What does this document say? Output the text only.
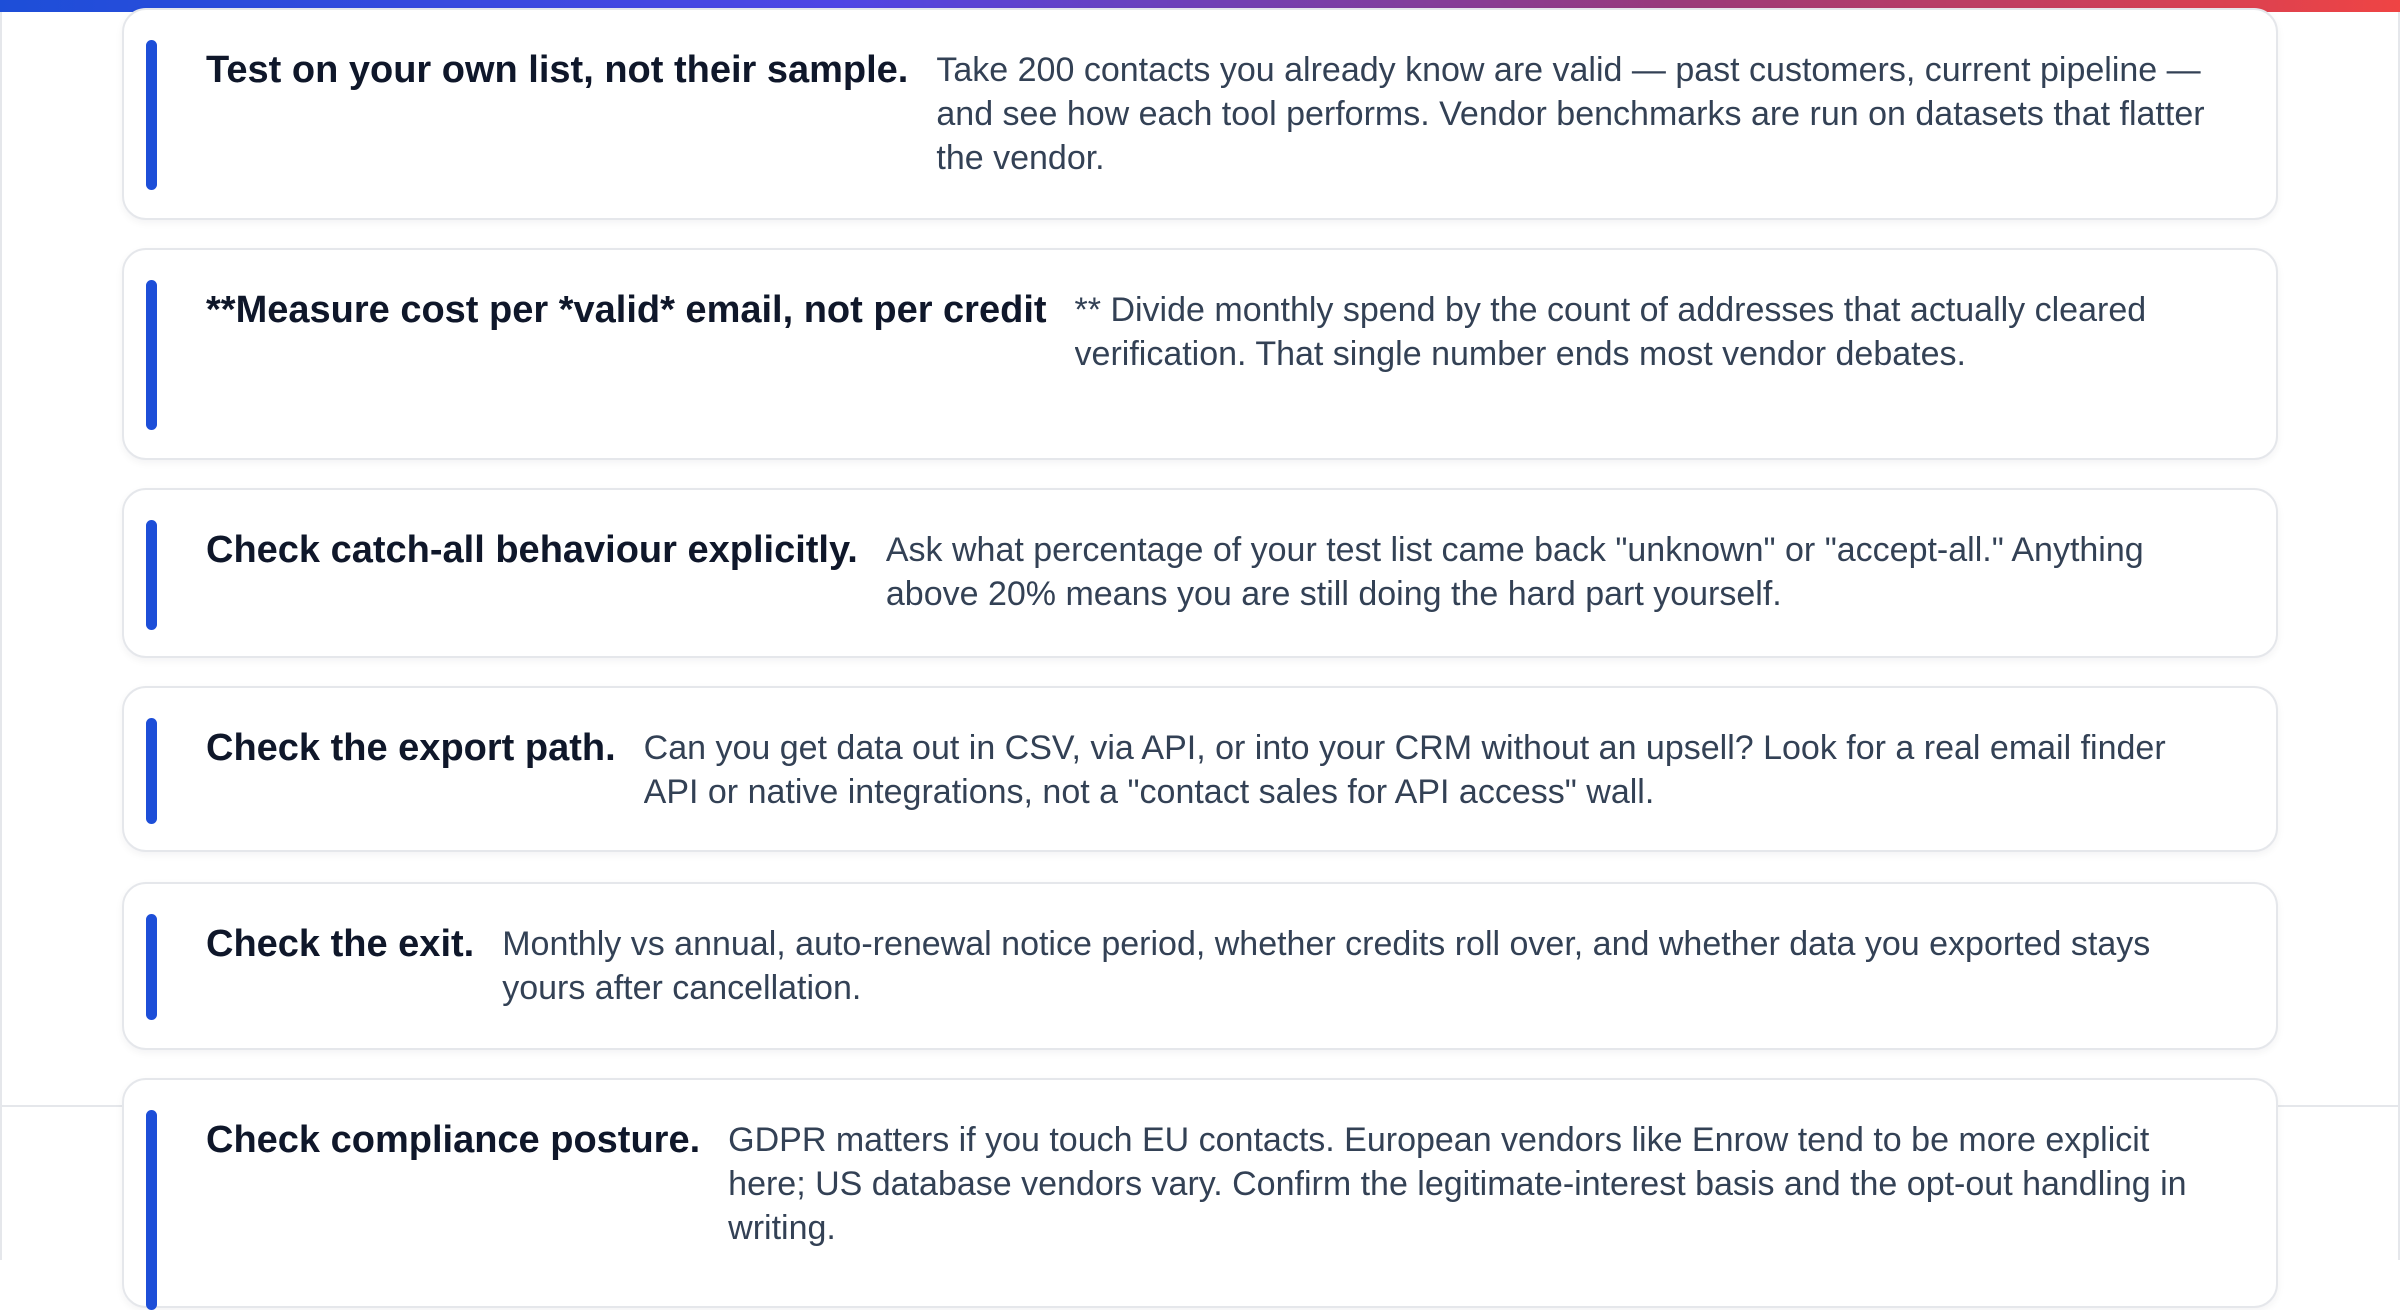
Test on your own list, not their sample. Take 200 contacts you already know are valid — past customers, current pipeline — and see how each tool performs. Vendor benchmarks are run on datasets that flatter the vendor.
**Measure cost per *valid* email, not per credit ** Divide monthly spend by the count of addresses that actually cleared verification. That single number ends most vendor debates.
Check catch-all behaviour explicitly. Ask what percentage of your test list came back "unknown" or "accept-all." Anything above 20% means you are still doing the hard part yourself.
Check the export path. Can you get data out in CSV, via API, or into your CRM without an upsell? Look for a real email finder API or native integrations, not a "contact sales for API access" wall.
Check the exit. Monthly vs annual, auto-renewal notice period, whether credits roll over, and whether data you exported stays yours after cancellation.
Check compliance posture. GDPR matters if you touch EU contacts. European vendors like Enrow tend to be more explicit here; US database vendors vary. Confirm the legitimate-interest basis and the opt-out handling in writing.
